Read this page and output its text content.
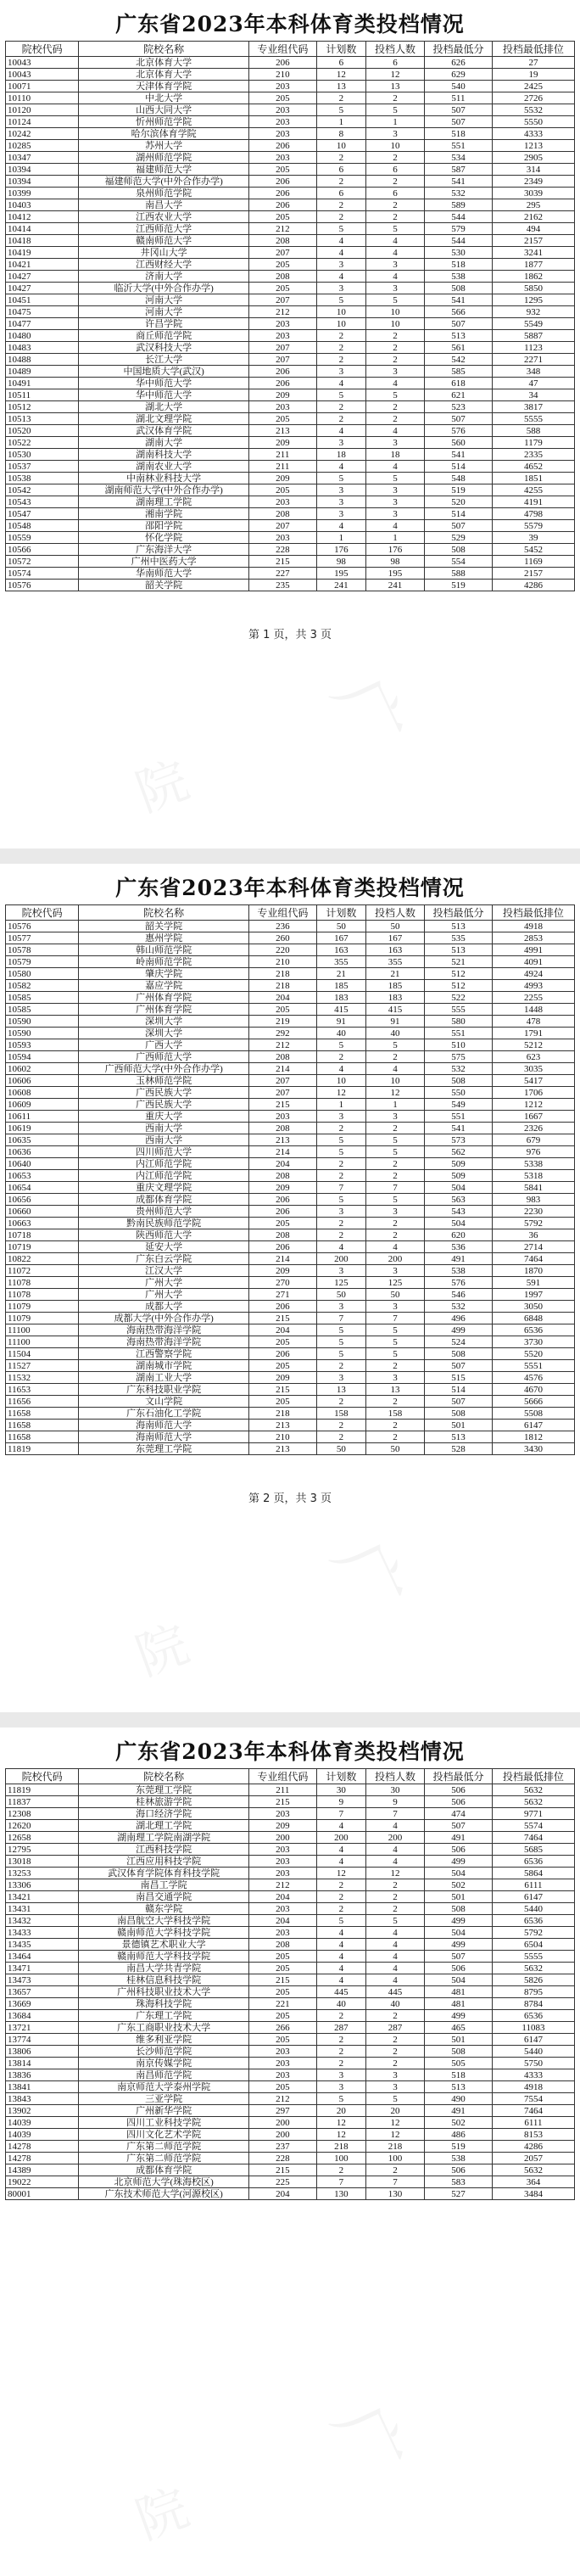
院
广
广东省2023年本科体育类投档情况
院校代码	院校名称	专业组代码	计划数	投档人数	投档最低分	投档最低排位
10043	北京体育大学	206	6	6	626	27
10043	北京体育大学	210	12	12	629	19
10071	天津体育学院	203	13	13	540	2425
10110	中北大学	205	2	2	511	2726
10120	山西大同大学	203	5	5	507	5532
10124	忻州师范学院	203	1	1	507	5550
10242	哈尔滨体育学院	203	8	3	518	4333
10285	苏州大学	206	10	10	551	1213
10347	湖州师范学院	203	2	2	534	2905
10394	福建师范大学	205	6	6	587	314
10394	福建师范大学(中外合作办学)	206	2	2	541	2349
10399	泉州师范学院	206	6	6	532	3039
10403	南昌大学	206	2	2	589	295
10412	江西农业大学	205	2	2	544	2162
10414	江西师范大学	212	5	5	579	494
10418	赣南师范大学	208	4	4	544	2157
10419	井冈山大学	207	4	4	530	3241
10421	江西财经大学	205	3	3	518	1877
10427	济南大学	208	4	4	538	1862
10427	临沂大学(中外合作办学)	205	3	3	508	5850
10451	河南大学	207	5	5	541	1295
10475	河南大学	212	10	10	566	932
10477	许昌学院	203	10	10	507	5549
10480	商丘师范学院	203	2	2	513	5887
10483	武汉科技大学	207	2	2	561	1123
10488	长江大学	207	2	2	542	2271
10489	中国地质大学(武汉)	206	3	3	585	348
10491	华中师范大学	206	4	4	618	47
10511	华中师范大学	209	5	5	621	34
10512	湖北大学	203	2	2	523	3817
10513	湖北文理学院	205	2	2	507	5555
10520	武汉体育学院	213	4	4	576	588
10522	湖南大学	209	3	3	560	1179
10530	湖南科技大学	211	18	18	541	2335
10537	湖南农业大学	211	4	4	514	4652
10538	中南林业科技大学	209	5	5	548	1851
10542	湖南师范大学(中外合作办学)	205	3	3	519	4255
10543	湖南理工学院	203	3	3	520	4191
10547	湘南学院	208	3	3	514	4798
10548	邵阳学院	207	4	4	507	5579
10559	怀化学院	203	1	1	529	39
10566	广东海洋大学	228	176	176	508	5452
10572	广州中医药大学	215	98	98	554	1169
10574	华南师范大学	227	195	195	588	2157
10576	韶关学院	235	241	241	519	4286
第 1 页，共 3 页
院
广
广东省2023年本科体育类投档情况
院校代码	院校名称	专业组代码	计划数	投档人数	投档最低分	投档最低排位
10576	韶关学院	236	50	50	513	4918
10577	惠州学院	260	167	167	535	2853
10578	韩山师范学院	220	163	163	513	4991
10579	岭南师范学院	210	355	355	521	4091
10580	肇庆学院	218	21	21	512	4924
10582	嘉应学院	218	185	185	512	4993
10585	广州体育学院	204	183	183	522	2255
10585	广州体育学院	205	415	415	555	1448
10590	深圳大学	219	91	91	580	478
10590	深圳大学	292	40	40	551	1791
10593	广西大学	212	5	5	510	5212
10594	广西师范大学	208	2	2	575	623
10602	广西师范大学(中外合作办学)	214	4	4	532	3035
10606	玉林师范学院	207	10	10	508	5417
10608	广西民族大学	207	12	12	550	1706
10609	广西民族大学	215	1	1	549	1212
10611	重庆大学	203	3	3	551	1667
10619	西南大学	208	2	2	541	2326
10635	西南大学	213	5	5	573	679
10636	四川师范大学	214	5	5	562	976
10640	内江师范学院	204	2	2	509	5338
10653	内江师范学院	208	2	2	509	5318
10654	重庆文理学院	209	7	7	504	5841
10656	成都体育学院	206	5	5	563	983
10660	贵州师范大学	206	3	3	543	2230
10663	黔南民族师范学院	205	2	2	504	5792
10718	陕西师范大学	208	2	2	620	36
10719	延安大学	206	4	4	536	2714
10822	广东白云学院	214	200	200	491	7464
11072	江汉大学	209	3	3	538	1870
11078	广州大学	270	125	125	576	591
11078	广州大学	271	50	50	546	1997
11079	成都大学	206	3	3	532	3050
11079	成都大学(中外合作办学)	215	7	7	496	6848
11100	海南热带海洋学院	204	5	5	499	6536
11100	海南热带海洋学院	205	5	5	524	3730
11504	江西警察学院	206	5	5	508	5520
11527	湖南城市学院	205	2	2	507	5551
11532	湖南工业大学	209	3	3	515	4576
11653	广东科技职业学院	215	13	13	514	4670
11656	文山学院	205	2	2	507	5666
11658	广东石油化工学院	218	158	158	508	5508
11658	海南师范大学	213	2	2	501	6147
11658	海南师范大学	210	2	2	513	1812
11819	东莞理工学院	213	50	50	528	3430
第 2 页，共 3 页
院
广
广东省2023年本科体育类投档情况
院校代码	院校名称	专业组代码	计划数	投档人数	投档最低分	投档最低排位
11819	东莞理工学院	211	30	30	506	5632
11837	桂林旅游学院	215	9	9	506	5632
12308	海口经济学院	203	7	7	474	9771
12620	湖北理工学院	209	4	4	507	5574
12658	湖南理工学院南湖学院	200	200	200	491	7464
12795	江西科技学院	203	4	4	506	5685
13018	江西应用科技学院	203	4	4	499	6536
13253	武汉体育学院体育科技学院	203	12	12	504	5864
13306	南昌工学院	212	2	2	502	6111
13421	南昌交通学院	204	2	2	501	6147
13431	赣东学院	203	2	2	508	5440
13432	南昌航空大学科技学院	204	5	5	499	6536
13433	赣南师范大学科技学院	203	4	4	504	5792
13435	景德镇艺术职业大学	208	4	4	499	6504
13464	赣南师范大学科技学院	205	4	4	507	5555
13471	南昌大学共青学院	205	4	4	506	5632
13473	桂林信息科技学院	215	4	4	504	5826
13657	广州科技职业技术大学	205	445	445	481	8795
13669	珠海科技学院	221	40	40	481	8784
13684	广东理工学院	205	2	2	499	6536
13721	广东工商职业技术大学	266	287	287	465	11083
13774	维多利亚学院	205	2	2	501	6147
13806	长沙师范学院	203	2	2	508	5440
13814	南京传媒学院	203	2	2	505	5750
13836	南昌师范学院	203	3	3	518	4333
13841	南京师范大学泰州学院	205	3	3	513	4918
13843	三亚学院	212	5	5	490	7554
13902	广州新华学院	297	20	20	491	7464
14039	四川工业科技学院	200	12	12	502	6111
14039	四川文化艺术学院	200	12	12	486	8153
14278	广东第二师范学院	237	218	218	519	4286
14278	广东第二师范学院	228	100	100	538	2057
14389	成都体育学院	215	2	2	506	5632
19022	北京师范大学(珠海校区)	225	7	7	583	364
80001	广东技术师范大学(河源校区)	204	130	130	527	3484
